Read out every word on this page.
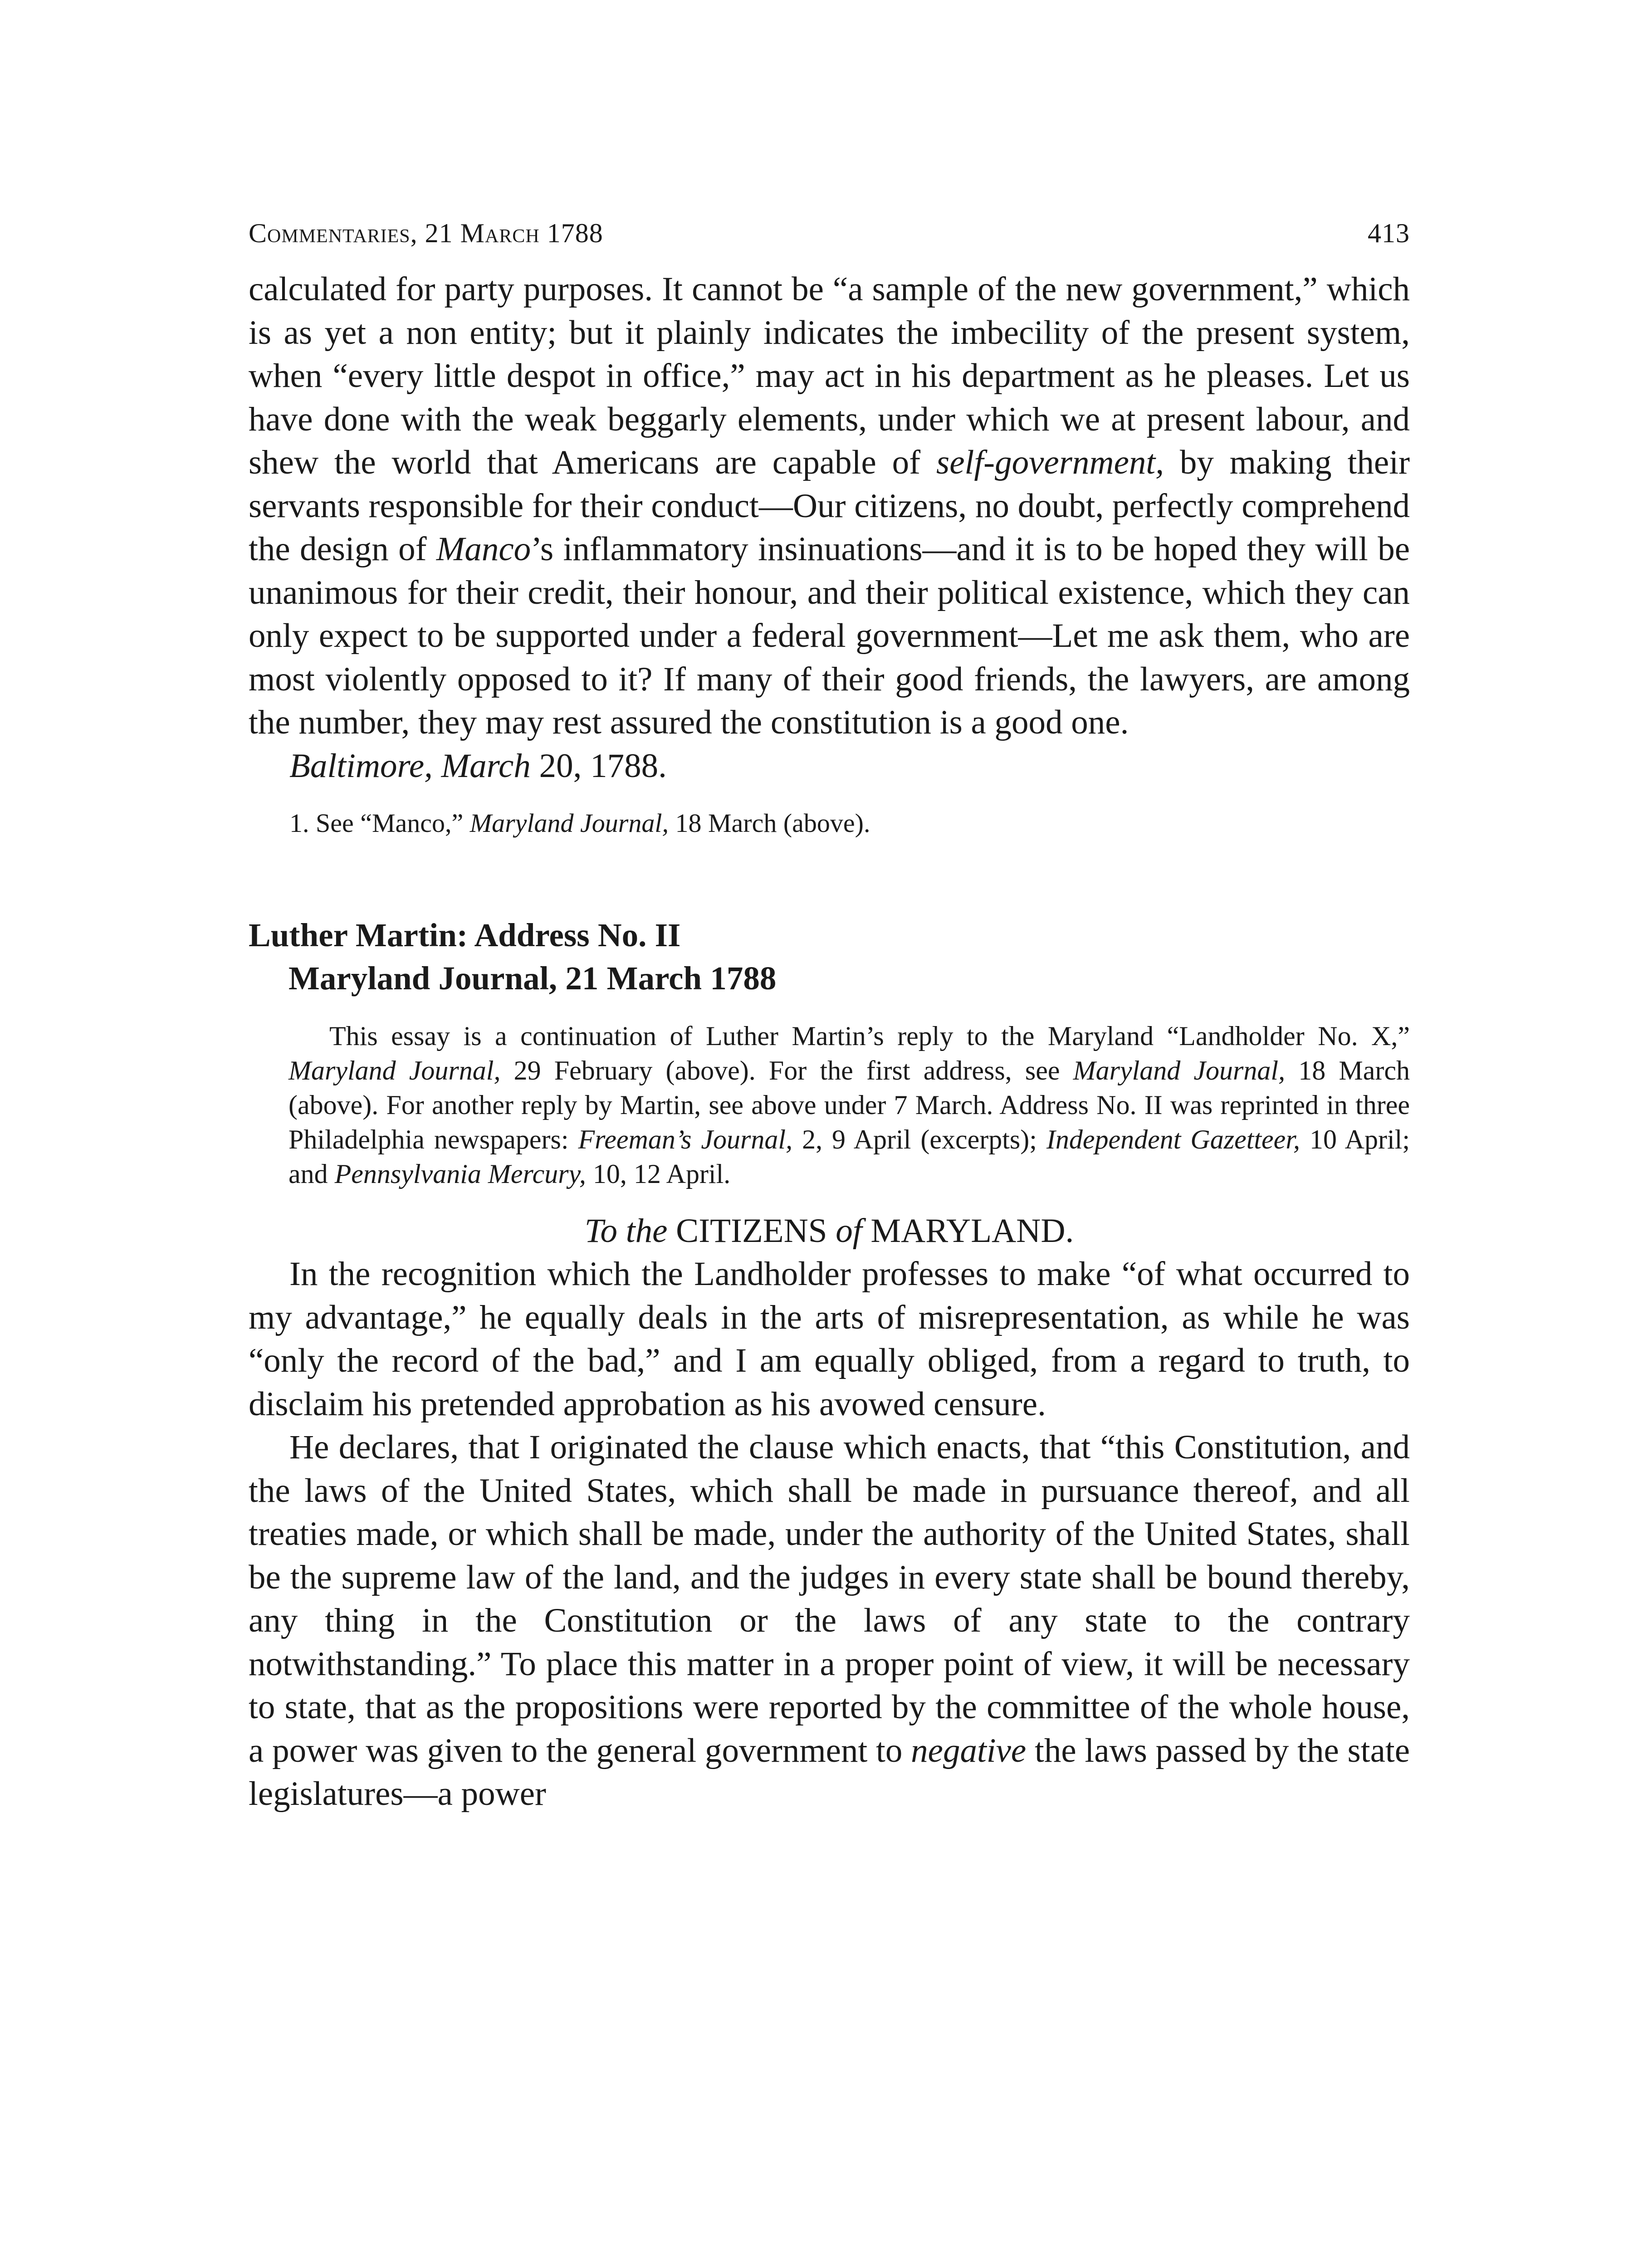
Commentaries, 21 March 1788	413

calculated for party purposes. It cannot be “a sample of the new government,” which is as yet a non entity; but it plainly indicates the imbecility of the present system, when “every little despot in office,” may act in his department as he pleases. Let us have done with the weak beggarly elements, under which we at present labour, and shew the world that Americans are capable of self-government, by making their servants responsible for their conduct—Our citizens, no doubt, perfectly comprehend the design of Manco’s inflammatory insinuations—and it is to be hoped they will be unanimous for their credit, their honour, and their political existence, which they can only expect to be supported under a federal government—Let me ask them, who are most violently opposed to it? If many of their good friends, the lawyers, are among the number, they may rest assured the constitution is a good one.

Baltimore, March 20, 1788.

1. See “Manco,” Maryland Journal, 18 March (above).

Luther Martin: Address No. II
Maryland Journal, 21 March 1788

This essay is a continuation of Luther Martin’s reply to the Maryland “Landholder No. X,” Maryland Journal, 29 February (above). For the first address, see Maryland Journal, 18 March (above). For another reply by Martin, see above under 7 March. Address No. II was reprinted in three Philadelphia newspapers: Freeman’s Journal, 2, 9 April (excerpts); Independent Gazetteer, 10 April; and Pennsylvania Mercury, 10, 12 April.

To the CITIZENS of MARYLAND.

In the recognition which the Landholder professes to make “of what occurred to my advantage,” he equally deals in the arts of misrepresentation, as while he was “only the record of the bad,” and I am equally obliged, from a regard to truth, to disclaim his pretended approbation as his avowed censure.

He declares, that I originated the clause which enacts, that “this Constitution, and the laws of the United States, which shall be made in pursuance thereof, and all treaties made, or which shall be made, under the authority of the United States, shall be the supreme law of the land, and the judges in every state shall be bound thereby, any thing in the Constitution or the laws of any state to the contrary notwithstanding.” To place this matter in a proper point of view, it will be necessary to state, that as the propositions were reported by the committee of the whole house, a power was given to the general government to negative the laws passed by the state legislatures—a power
